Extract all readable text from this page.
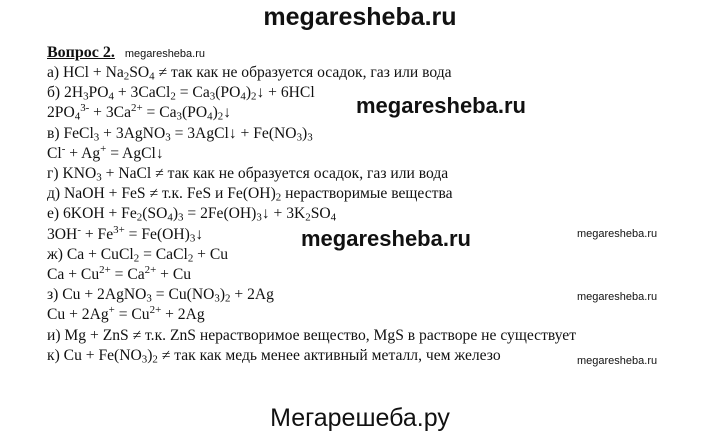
megaresheba.ru
Вопрос 2. megaresheba.ru
а) HCl + $Na_2SO_4$ ≠ так как не образуется осадок, газ или вода
б) $2H_3PO_4$ + 3CaCl$_2$ = $Ca_3(PO_4)_2↓ + 6HCl$
$2PO_4^{3-} + 3Ca^{2+}$ = $Ca_3(PO_4)_2↓$
в) FeCl$_3$ + 3AgNO$_3$ = 3AgCl↓ + $Fe(NO_3)_3$
Cl- + Ag+ = AgCl↓
г) $KNO_3$ + NaCl ≠ так как не образуется осадок, газ или вода
д) NaOH + FeS ≠ т.к. FeS и $Fe(OH)_2$ нерастворимые вещества
е) $6KOH + Fe_2(SO_4)_3$ = $2Fe(OH)_3↓ + 3K_2SO_4$
$3OH^- + Fe^{3+}$ = $Fe(OH)_3↓$
ж) Ca + CuCl$_2$ = CaCl$_2$ + Cu
$Ca + Cu^{2+} = Ca^{2+} + Cu$
з) Cu + 2AgNO$_3$ = $Cu(NO_3)_2 + 2Ag$
$Cu + 2Ag^+ = Cu^{2+} + 2Ag$
и) Mg + ZnS ≠ т.к. ZnS нерастворимое вещество, MgS в растворе не существует
к) $Cu + Fe(NO_3)_2$ ≠ так как медь менее активный металл, чем железо
megaresheba.ru
megaresheba.ru	megaresheba.ru
megaresheba.ru
megaresheba.ru
Мегарешеба.ру
